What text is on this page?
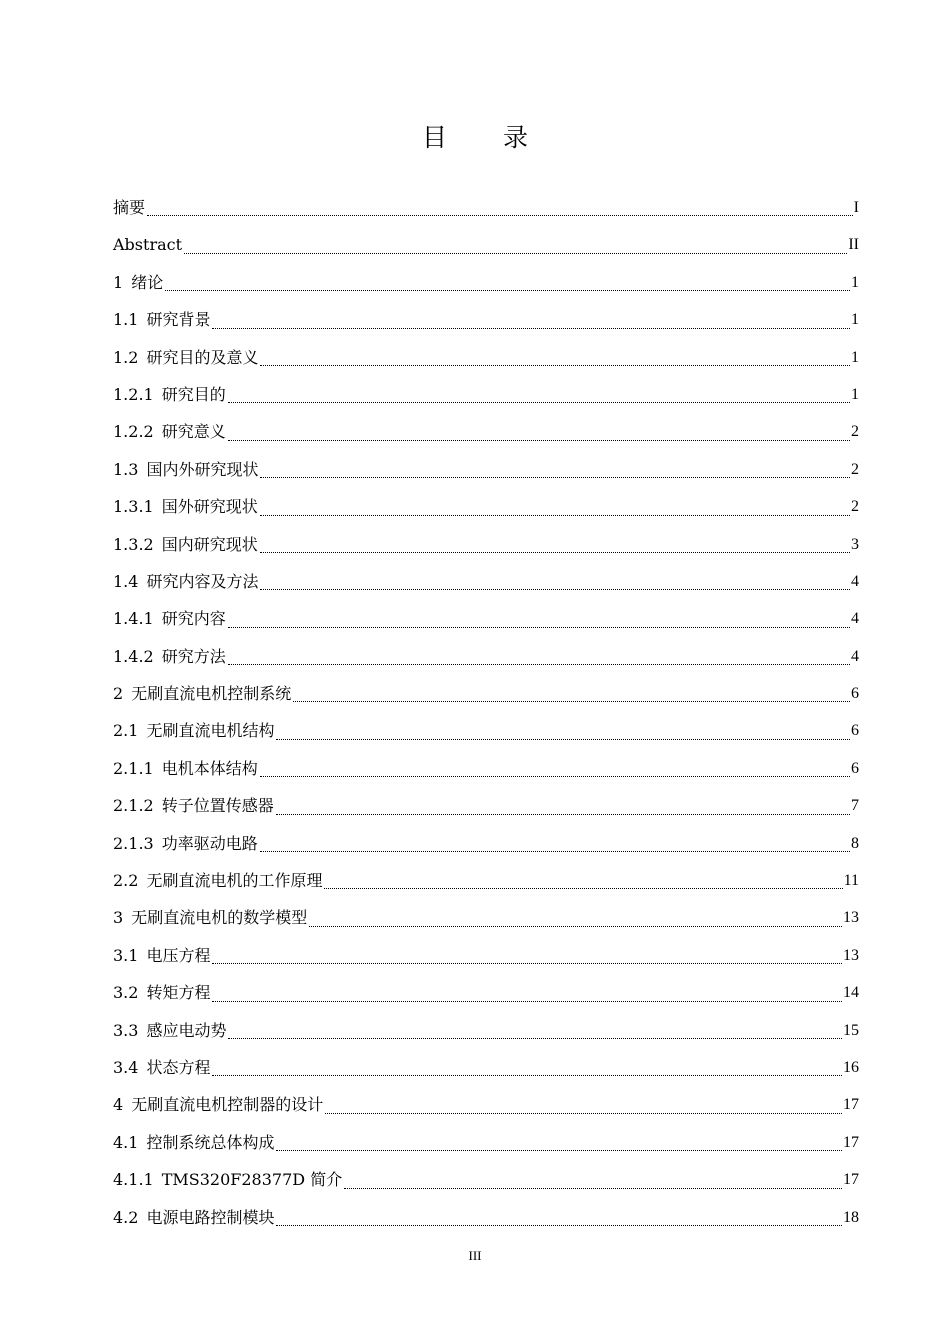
目 录
摘要	I
Abstract	II
1 绪论	1
1.1 研究背景	1
1.2 研究目的及意义	1
1.2.1 研究目的	1
1.2.2 研究意义	2
1.3 国内外研究现状	2
1.3.1 国外研究现状	2
1.3.2 国内研究现状	3
1.4 研究内容及方法	4
1.4.1 研究内容	4
1.4.2 研究方法	4
2 无刷直流电机控制系统	6
2.1 无刷直流电机结构	6
2.1.1 电机本体结构	6
2.1.2 转子位置传感器	7
2.1.3 功率驱动电路	8
2.2 无刷直流电机的工作原理	11
3 无刷直流电机的数学模型	13
3.1 电压方程	13
3.2 转矩方程	14
3.3 感应电动势	15
3.4 状态方程	16
4 无刷直流电机控制器的设计	17
4.1 控制系统总体构成	17
4.1.1 TMS320F28377D 简介	17
4.2 电源电路控制模块	18
III
